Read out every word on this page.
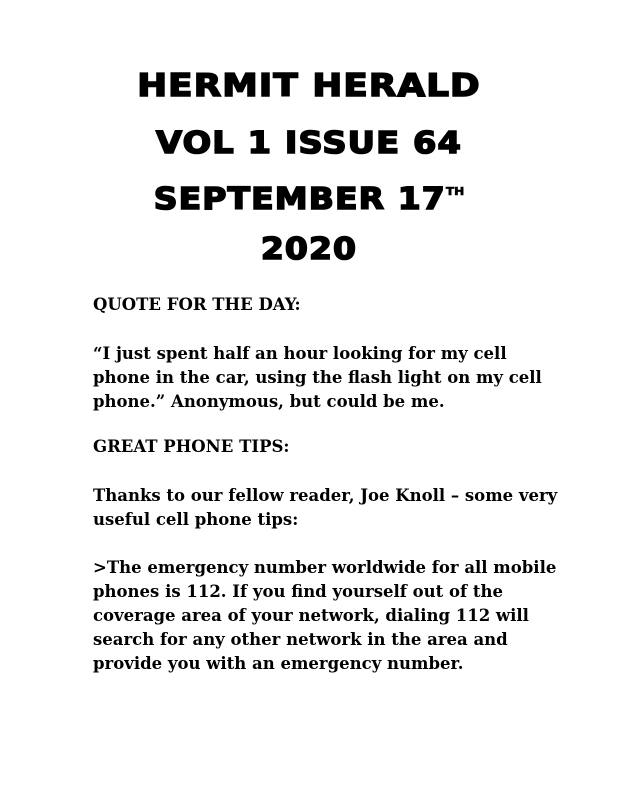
HERMIT HERALD
VOL 1 ISSUE 64
SEPTEMBER 17TH
2020

QUOTE FOR THE DAY:

“I just spent half an hour looking for my cell phone in the car, using the flash light on my cell phone.” Anonymous, but could be me.

GREAT PHONE TIPS:

Thanks to our fellow reader, Joe Knoll – some very useful cell phone tips:

>The emergency number worldwide for all mobile phones is 112. If you find yourself out of the coverage area of your network, dialing 112 will search for any other network in the area and provide you with an emergency number.
